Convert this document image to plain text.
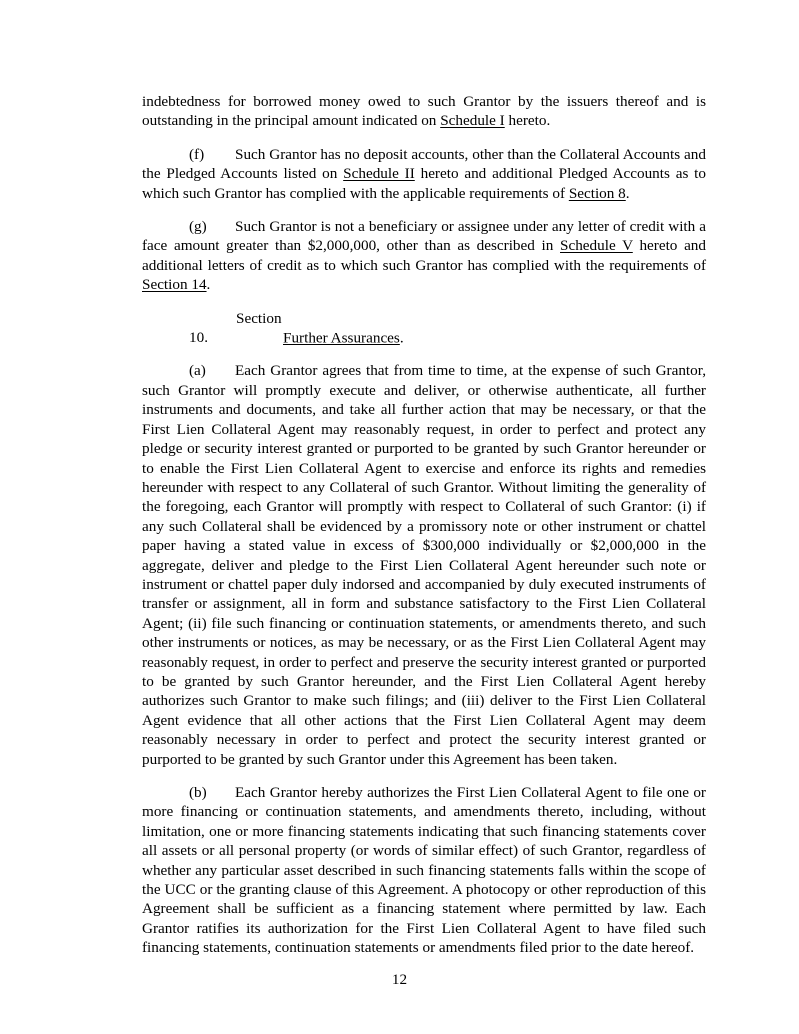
indebtedness for borrowed money owed to such Grantor by the issuers thereof and is outstanding in the principal amount indicated on Schedule I hereto.

(f) Such Grantor has no deposit accounts, other than the Collateral Accounts and the Pledged Accounts listed on Schedule II hereto and additional Pledged Accounts as to which such Grantor has complied with the applicable requirements of Section 8.

(g) Such Grantor is not a beneficiary or assignee under any letter of credit with a face amount greater than $2,000,000, other than as described in Schedule V hereto and additional letters of credit as to which such Grantor has complied with the requirements of Section 14.

Section 10.	Further Assurances.

(a) Each Grantor agrees that from time to time, at the expense of such Grantor, such Grantor will promptly execute and deliver, or otherwise authenticate, all further instruments and documents, and take all further action that may be necessary, or that the First Lien Collateral Agent may reasonably request, in order to perfect and protect any pledge or security interest granted or purported to be granted by such Grantor hereunder or to enable the First Lien Collateral Agent to exercise and enforce its rights and remedies hereunder with respect to any Collateral of such Grantor. Without limiting the generality of the foregoing, each Grantor will promptly with respect to Collateral of such Grantor: (i) if any such Collateral shall be evidenced by a promissory note or other instrument or chattel paper having a stated value in excess of $300,000 individually or $2,000,000 in the aggregate, deliver and pledge to the First Lien Collateral Agent hereunder such note or instrument or chattel paper duly indorsed and accompanied by duly executed instruments of transfer or assignment, all in form and substance satisfactory to the First Lien Collateral Agent; (ii) file such financing or continuation statements, or amendments thereto, and such other instruments or notices, as may be necessary, or as the First Lien Collateral Agent may reasonably request, in order to perfect and preserve the security interest granted or purported to be granted by such Grantor hereunder, and the First Lien Collateral Agent hereby authorizes such Grantor to make such filings; and (iii) deliver to the First Lien Collateral Agent evidence that all other actions that the First Lien Collateral Agent may deem reasonably necessary in order to perfect and protect the security interest granted or purported to be granted by such Grantor under this Agreement has been taken.

(b) Each Grantor hereby authorizes the First Lien Collateral Agent to file one or more financing or continuation statements, and amendments thereto, including, without limitation, one or more financing statements indicating that such financing statements cover all assets or all personal property (or words of similar effect) of such Grantor, regardless of whether any particular asset described in such financing statements falls within the scope of the UCC or the granting clause of this Agreement. A photocopy or other reproduction of this Agreement shall be sufficient as a financing statement where permitted by law. Each Grantor ratifies its authorization for the First Lien Collateral Agent to have filed such financing statements, continuation statements or amendments filed prior to the date hereof.

12
